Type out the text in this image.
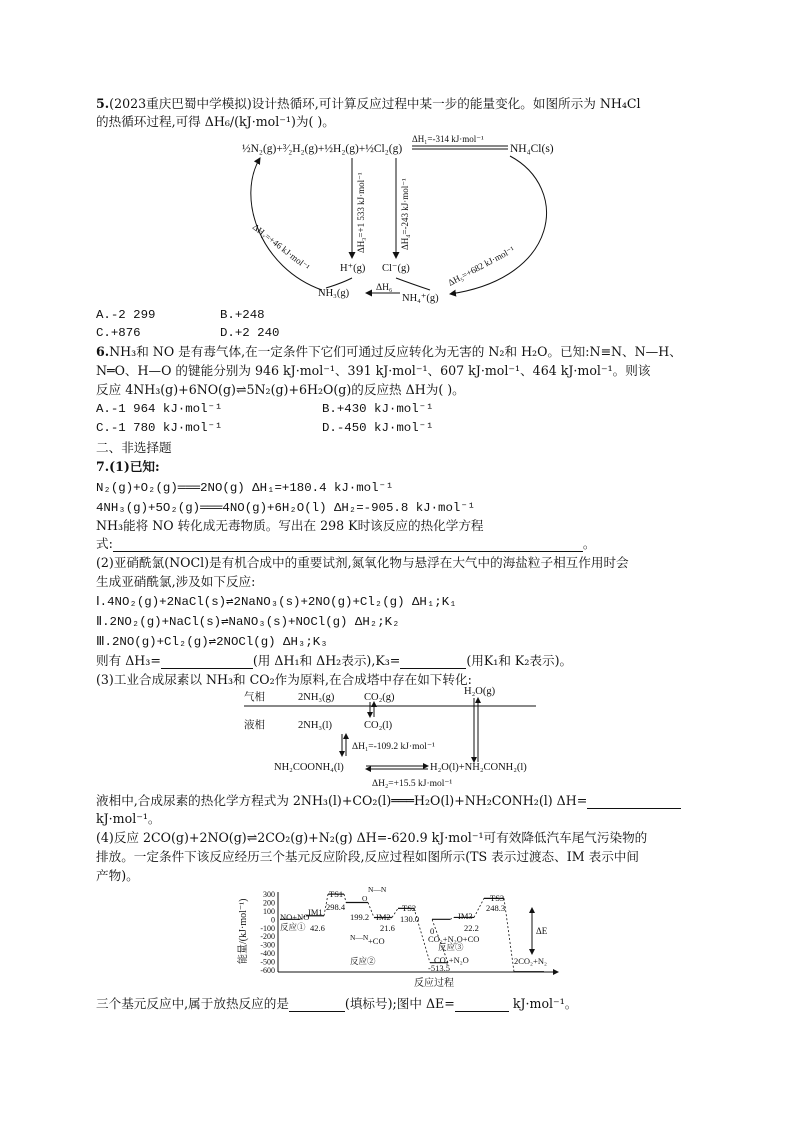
5.(2023重庆巴蜀中学模拟)设计热循环,可计算反应过程中某一步的能量变化。如图所示为 NH₄Cl
的热循环过程,可得 ΔH₆/(kJ·mol⁻¹)为( )。
½N₂(g)+³⁄₂H₂(g)+½H₂(g)+½Cl₂(g)
ΔH₁=-314 kJ·mol⁻¹
NH₄Cl(s)
ΔH₃=+1 533 kJ·mol⁻¹	ΔH₄=-243 kJ·mol⁻¹
H⁺(g) Cl⁻(g)
ΔH₂=+46 kJ·mol⁻¹	ΔH₅=+682 kJ·mol⁻¹
NH₃(g)	ΔH₆
NH₄⁺(g)
A.-2 299	B.+248
C.+876	D.+2 240
6.NH₃和 NO 是有毒气体,在一定条件下它们可通过反应转化为无害的 N₂和 H₂O。已知:N≡N、N—H、
N═O、H—O 的键能分别为 946 kJ·mol⁻¹、391 kJ·mol⁻¹、607 kJ·mol⁻¹、464 kJ·mol⁻¹。则该
反应 4NH₃(g)+6NO(g)⇌5N₂(g)+6H₂O(g)的反应热 ΔH为( )。
A.-1 964 kJ·mol⁻¹	B.+430 kJ·mol⁻¹
C.-1 780 kJ·mol⁻¹	D.-450 kJ·mol⁻¹
二、非选择题
7.(1)已知:
N₂(g)+O₂(g)═══2NO(g) ΔH₁=+180.4 kJ·mol⁻¹
4NH₃(g)+5O₂(g)═══4NO(g)+6H₂O(l) ΔH₂=-905.8 kJ·mol⁻¹
NH₃能将 NO 转化成无毒物质。写出在 298 K时该反应的热化学方程
式:	。
(2)亚硝酰氯(NOCl)是有机合成中的重要试剂,氮氧化物与悬浮在大气中的海盐粒子相互作用时会
生成亚硝酰氯,涉及如下反应:
Ⅰ.4NO₂(g)+2NaCl(s)⇌2NaNO₃(s)+2NO(g)+Cl₂(g) ΔH₁;K₁
Ⅱ.2NO₂(g)+NaCl(s)⇌NaNO₃(s)+NOCl(g) ΔH₂;K₂
Ⅲ.2NO(g)+Cl₂(g)⇌2NOCl(g) ΔH₃;K₃
则有 ΔH₃=	(用 ΔH₁和 ΔH₂表示),K₃=	(用K₁和 K₂表示)。
(3)工业合成尿素以 NH₃和 CO₂作为原料,在合成塔中存在如下转化:
气相	2NH₃(g)	CO₂(g)
H₂O(g)
液相	2NH₃(l)	CO₂(l)
ΔH₁=-109.2 kJ·mol⁻¹
NH₂COONH₄(l)	H₂O(l)+NH₂CONH₂(l)
ΔH₂=+15.5 kJ·mol⁻¹
液相中,合成尿素的热化学方程式为 2NH₃(l)+CO₂(l)═══H₂O(l)+NH₂CONH₂(l) ΔH=
kJ·mol⁻¹。
(4)反应 2CO(g)+2NO(g)⇌2CO₂(g)+N₂(g) ΔH=-620.9 kJ·mol⁻¹可有效降低汽车尾气污染物的
排放。一定条件下该反应经历三个基元反应阶段,反应过程如图所示(TS 表示过渡态、IM 表示中间
产物)。
能量/(kJ·mol⁻¹)
300
200
100
0
-100
-200
-300
-400
-500
-600
NO+NO
IM1
42.6
反应①
TS1
298.4
N—N
O
199.2 IM2
21.6
N—N +CO
反应②
TS2
130.0
0
CO₂+N₂O+CO
反应③
CO₂+N₂O
-513.5
IM3
22.2
TS3
248.3
ΔE
2CO₂+N₂
反应过程
三个基元反应中,属于放热反应的是	(填标号);图中 ΔE=	kJ·mol⁻¹。
